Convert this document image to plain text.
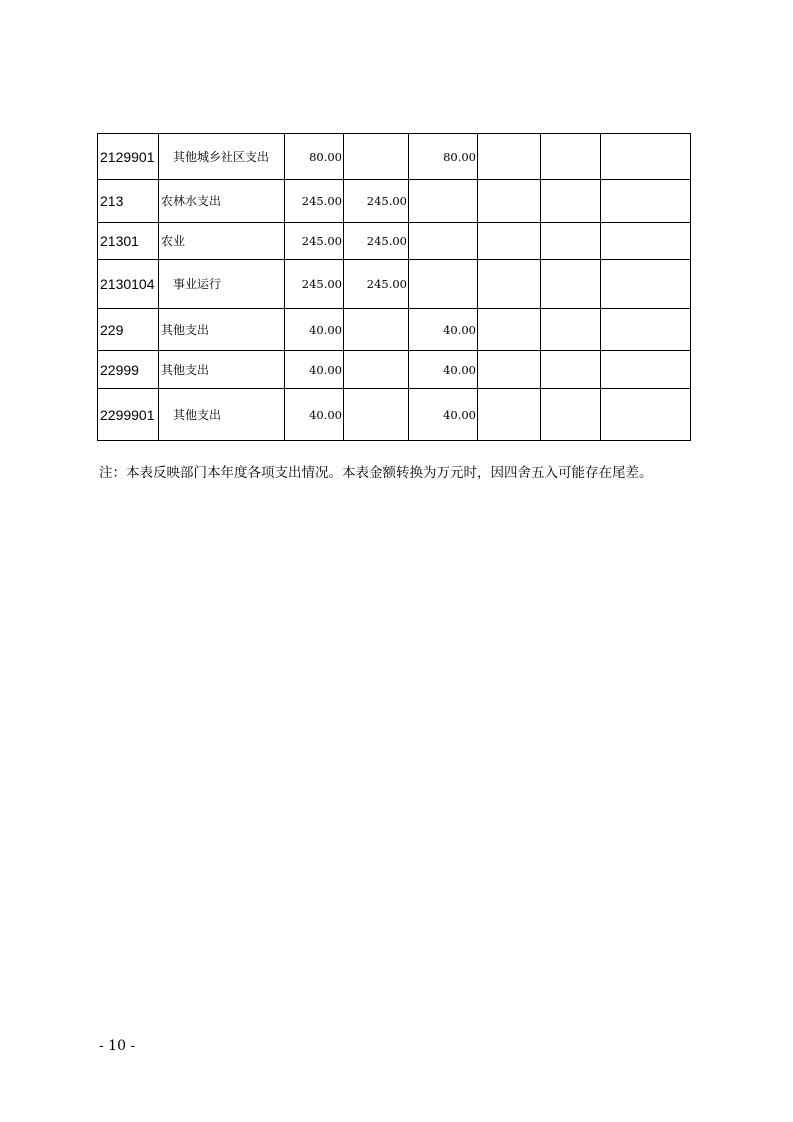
2129901	其他城乡社区支出	80.00		80.00			
213	农林水支出	245.00	245.00				
21301	农业	245.00	245.00				
2130104	事业运行	245.00	245.00				
229	其他支出	40.00		40.00			
22999	其他支出	40.00		40.00			
2299901	其他支出	40.00		40.00			
注：本表反映部门本年度各项支出情况。本表金额转换为万元时，因四舍五入可能存在尾差。
- 10 -
